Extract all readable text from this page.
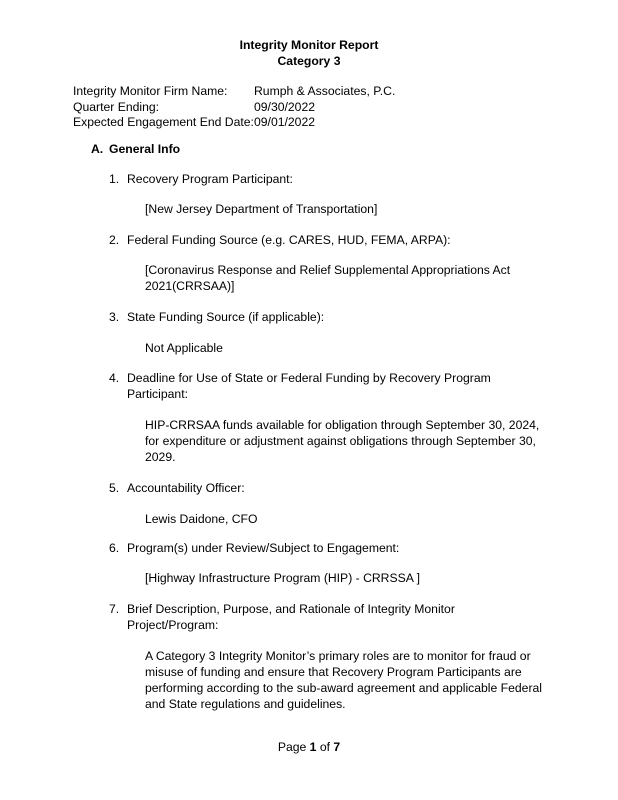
Integrity Monitor Report
Category 3
Integrity Monitor Firm Name: Rumph & Associates, P.C.
Quarter Ending:	09/30/2022
Expected Engagement End Date:09/01/2022
A. General Info
1. Recovery Program Participant:
[New Jersey Department of Transportation]
2. Federal Funding Source (e.g. CARES, HUD, FEMA, ARPA):
[Coronavirus Response and Relief Supplemental Appropriations Act 2021(CRRSAA)]
3. State Funding Source (if applicable):
Not Applicable
4. Deadline for Use of State or Federal Funding by Recovery Program Participant:
HIP-CRRSAA funds available for obligation through September 30, 2024, for expenditure or adjustment against obligations through September 30, 2029.
5. Accountability Officer:
Lewis Daidone, CFO
6. Program(s) under Review/Subject to Engagement:
[Highway Infrastructure Program (HIP) - CRRSSA ]
7. Brief Description, Purpose, and Rationale of Integrity Monitor Project/Program:
A Category 3 Integrity Monitor’s primary roles are to monitor for fraud or misuse of funding and ensure that Recovery Program Participants are performing according to the sub-award agreement and applicable Federal and State regulations and guidelines.
Page 1 of 7
